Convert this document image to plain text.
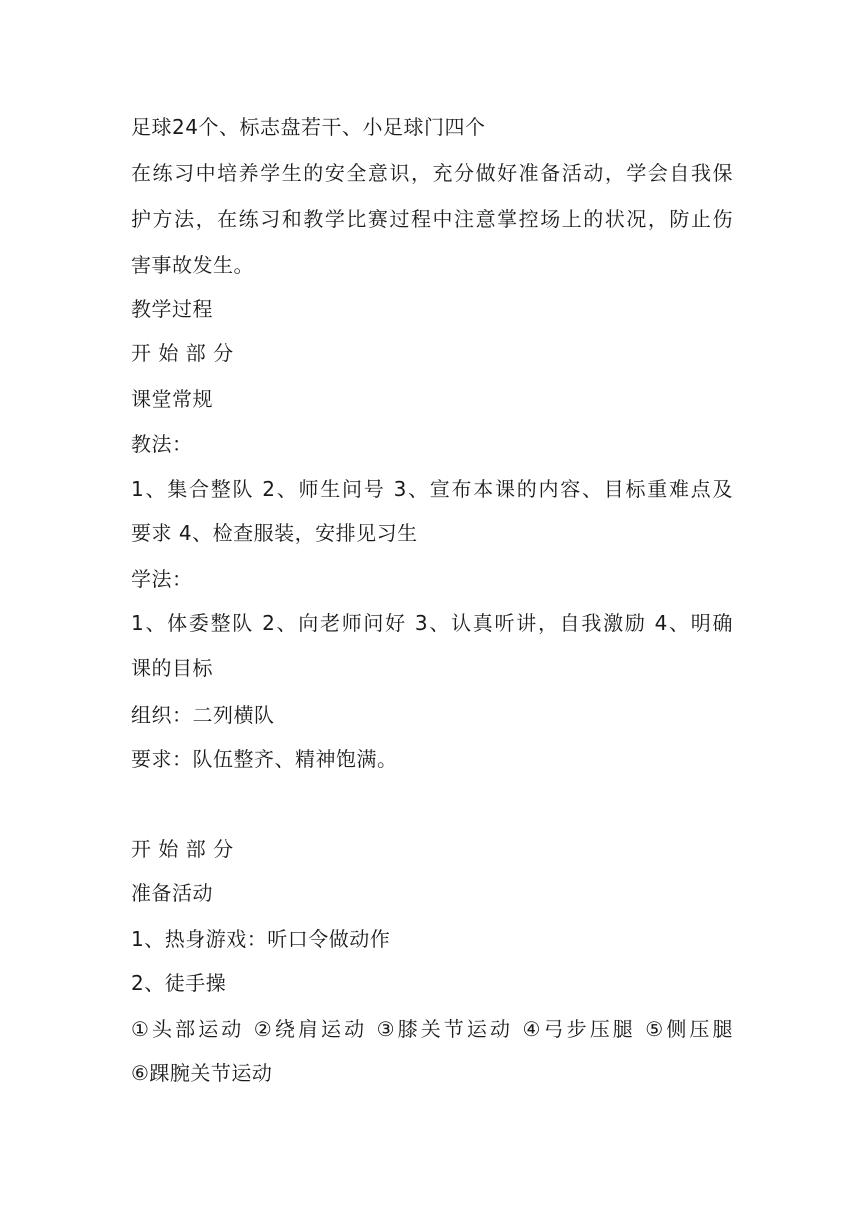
足球24个、标志盘若干、小足球门四个
在练习中培养学生的安全意识，充分做好准备活动，学会自我保
护方法，在练习和教学比赛过程中注意掌控场上的状况，防止伤
害事故发生。
教学过程
开 始 部 分
课堂常规
教法：
1、集合整队 2、师生问号 3、宣布本课的内容、目标重难点及
要求 4、检查服装，安排见习生
学法：
1、体委整队 2、向老师问好 3、认真听讲，自我激励 4、明确
课的目标
组织：二列横队
要求：队伍整齐、精神饱满。
开 始 部 分
准备活动
1、热身游戏：听口令做动作
2、徒手操
①头部运动 ②绕肩运动 ③膝关节运动 ④弓步压腿 ⑤侧压腿
⑥踝腕关节运动
